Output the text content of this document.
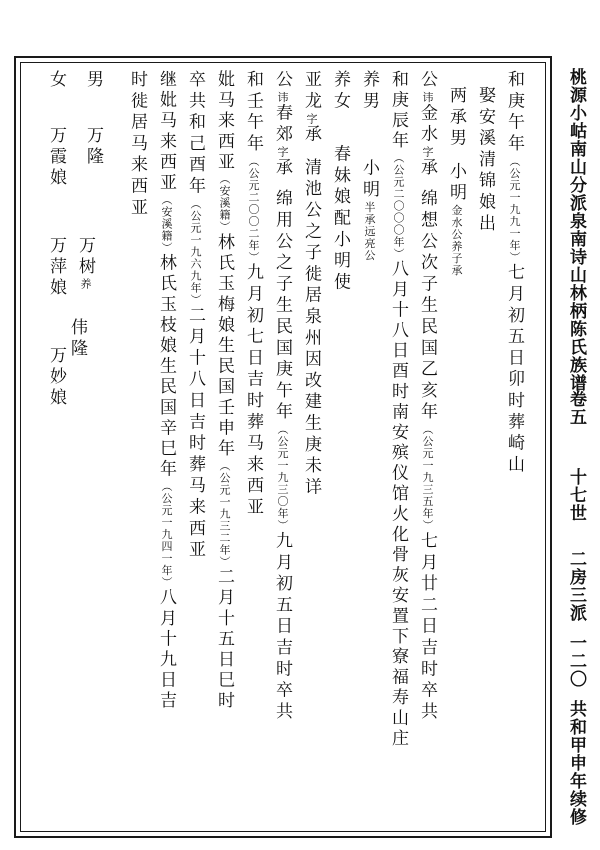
桃源小岵南山分派泉南诗山林柄陈氏族谱
卷五
十七世
二房三派
一二〇
共和甲申年续修
和庚午年（公元一九九一年）七月初五日卯时葬崎山
娶安溪清锦娘出
两承男小明金水公养子承
公讳金水字承绵想公次子生民国乙亥年（公元一九三五年）七月廿二日吉时卒共
和庚辰年（公元二〇〇〇年）八月十八日酉时南安殡仪馆火化骨灰安置下寮福寿山庄
养男小明半承远亮公
养女春妹娘配小明使
亚龙字承清池公之子徙居泉州因改建生庚未详
公讳春郊字承绵用公之子生民国庚午年（公元一九三〇年）九月初五日吉时卒共
和壬午年（公元二〇〇二年）九月初七日吉时葬马来西亚
妣马来西亚（安溪籍）林氏玉梅娘生民国壬申年（公元一九三二年）二月十五日巳时
卒共和己酉年（公元一九六九年）二月十八日吉时葬马来西亚
继妣马来西亚（安溪籍）林氏玉枝娘生民国辛巳年（公元一九四一年）八月十九日吉
时徙居马来西亚
男
万隆
万树养
伟隆
女
万霞娘
万萍娘
万妙娘
